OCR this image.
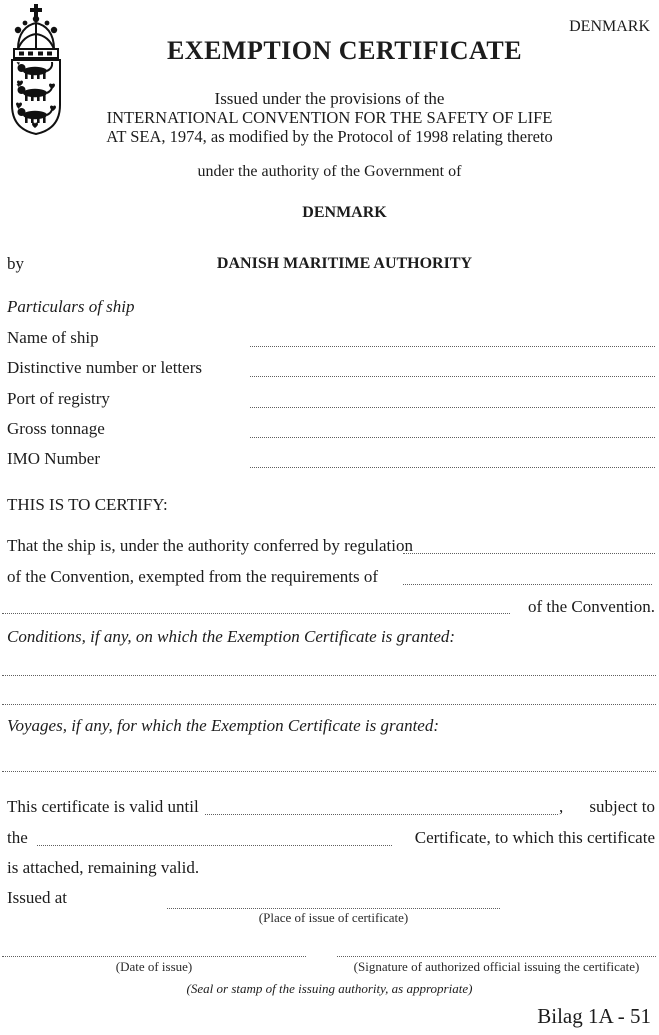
DENMARK
EXEMPTION CERTIFICATE
Issued under the provisions of the
INTERNATIONAL CONVENTION FOR THE SAFETY OF LIFE
AT SEA, 1974, as modified by the Protocol of 1998 relating thereto
under the authority of the Government of
DENMARK
by	DANISH MARITIME AUTHORITY
Particulars of ship
Name of ship
Distinctive number or letters
Port of registry
Gross tonnage
IMO Number
THIS IS TO CERTIFY:
That the ship is, under the authority conferred by regulation
of the Convention, exempted from the requirements of
of the Convention.
Conditions, if any, on which the Exemption Certificate is granted:
Voyages, if any, for which the Exemption Certificate is granted:
This certificate is valid until	, subject to
the	Certificate, to which this certificate
is attached, remaining valid.
Issued at
(Place of issue of certificate)
(Date of issue)	(Signature of authorized official issuing the certificate)
(Seal or stamp of the issuing authority, as appropriate)
Bilag 1A - 51
